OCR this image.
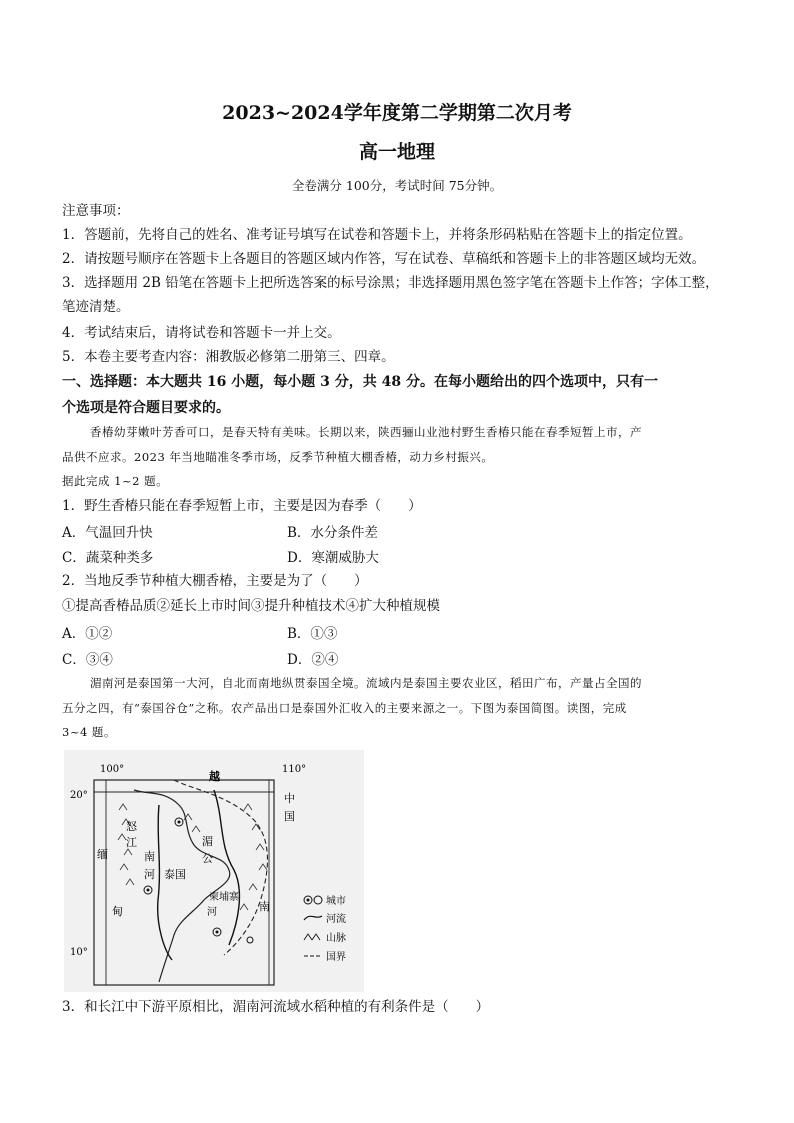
2023~2024学年度第二学期第二次月考
高一地理
全卷满分 100分，考试时间 75分钟。
注意事项：
1．答题前，先将自己的姓名、准考证号填写在试卷和答题卡上，并将条形码粘贴在答题卡上的指定位置。
2．请按题号顺序在答题卡上各题目的答题区域内作答，写在试卷、草稿纸和答题卡上的非答题区域均无效。
3．选择题用 2B 铅笔在答题卡上把所选答案的标号涂黑；非选择题用黑色签字笔在答题卡上作答；字体工整，
笔迹清楚。
4．考试结束后，请将试卷和答题卡一并上交。
5．本卷主要考查内容：湘教版必修第二册第三、四章。
一、选择题：本大题共 16 小题，每小题 3 分，共 48 分。在每小题给出的四个选项中，只有一
个选项是符合题目要求的。
香椿幼芽嫩叶芳香可口，是春天特有美味。长期以来，陕西骊山业池村野生香椿只能在春季短暂上市，产
品供不应求。2023 年当地瞄准冬季市场，反季节种植大棚香椿，动力乡村振兴。
据此完成 1~2 题。
1．野生香椿只能在春季短暂上市，主要是因为春季（　　）
A．气温回升快	B．水分条件差
C．蔬菜种类多	D．寒潮威胁大
2．当地反季节种植大棚香椿，主要是为了（　　）
①提高香椿品质②延长上市时间③提升种植技术④扩大种植规模
A．①②	B．①③
C．③④	D．②④
湄南河是泰国第一大河，自北而南地纵贯泰国全境。流域内是泰国主要农业区，稻田广布，产量占全国的
五分之四，有“泰国谷仓”之称。农产品出口是泰国外汇收入的主要来源之一。下图为泰国简图。读图，完成
3~4 题。
100°	110°
20°
10°
越
中
国
湄
公
怒
江
缅
甸
南
河 泰国
柬埔寨
河	南	城市
河流
山脉
国界
3．和长江中下游平原相比，湄南河流域水稻种植的有利条件是（　　）
